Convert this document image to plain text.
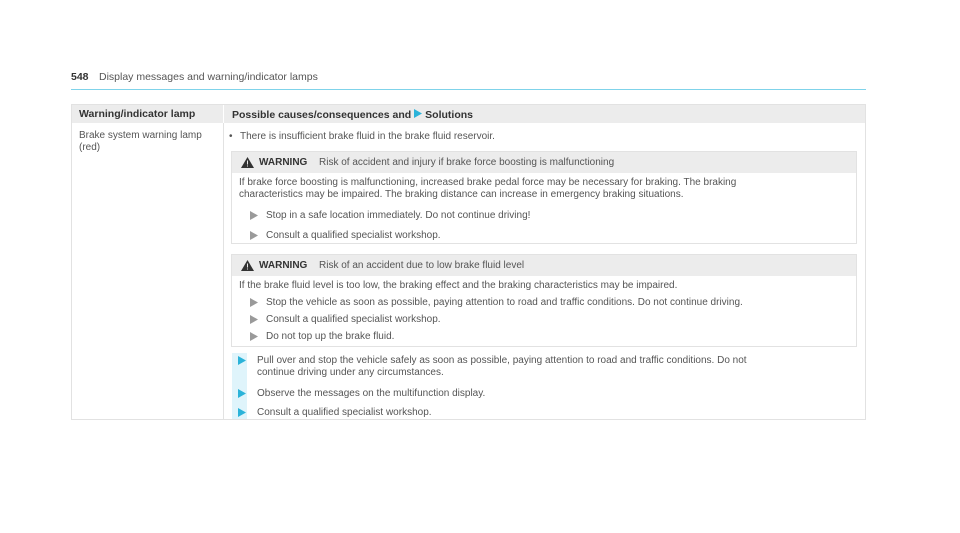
548 Display messages and warning/indicator lamps
Warning/indicator lamp	Possible causes/consequences and Solutions
Brake system warning lamp
(red)
• There is insufficient brake fluid in the brake fluid reservoir.
WARNING Risk of accident and injury if brake force boosting is malfunctioning
If brake force boosting is malfunctioning, increased brake pedal force may be necessary for braking. The braking
characteristics may be impaired. The braking distance can increase in emergency braking situations.
Stop in a safe location immediately. Do not continue driving!
Consult a qualified specialist workshop.
WARNING Risk of an accident due to low brake fluid level
If the brake fluid level is too low, the braking effect and the braking characteristics may be impaired.
Stop the vehicle as soon as possible, paying attention to road and traffic conditions. Do not continue driving.
Consult a qualified specialist workshop.
Do not top up the brake fluid.
Pull over and stop the vehicle safely as soon as possible, paying attention to road and traffic conditions. Do not
continue driving under any circumstances.
Observe the messages on the multifunction display.
Consult a qualified specialist workshop.
